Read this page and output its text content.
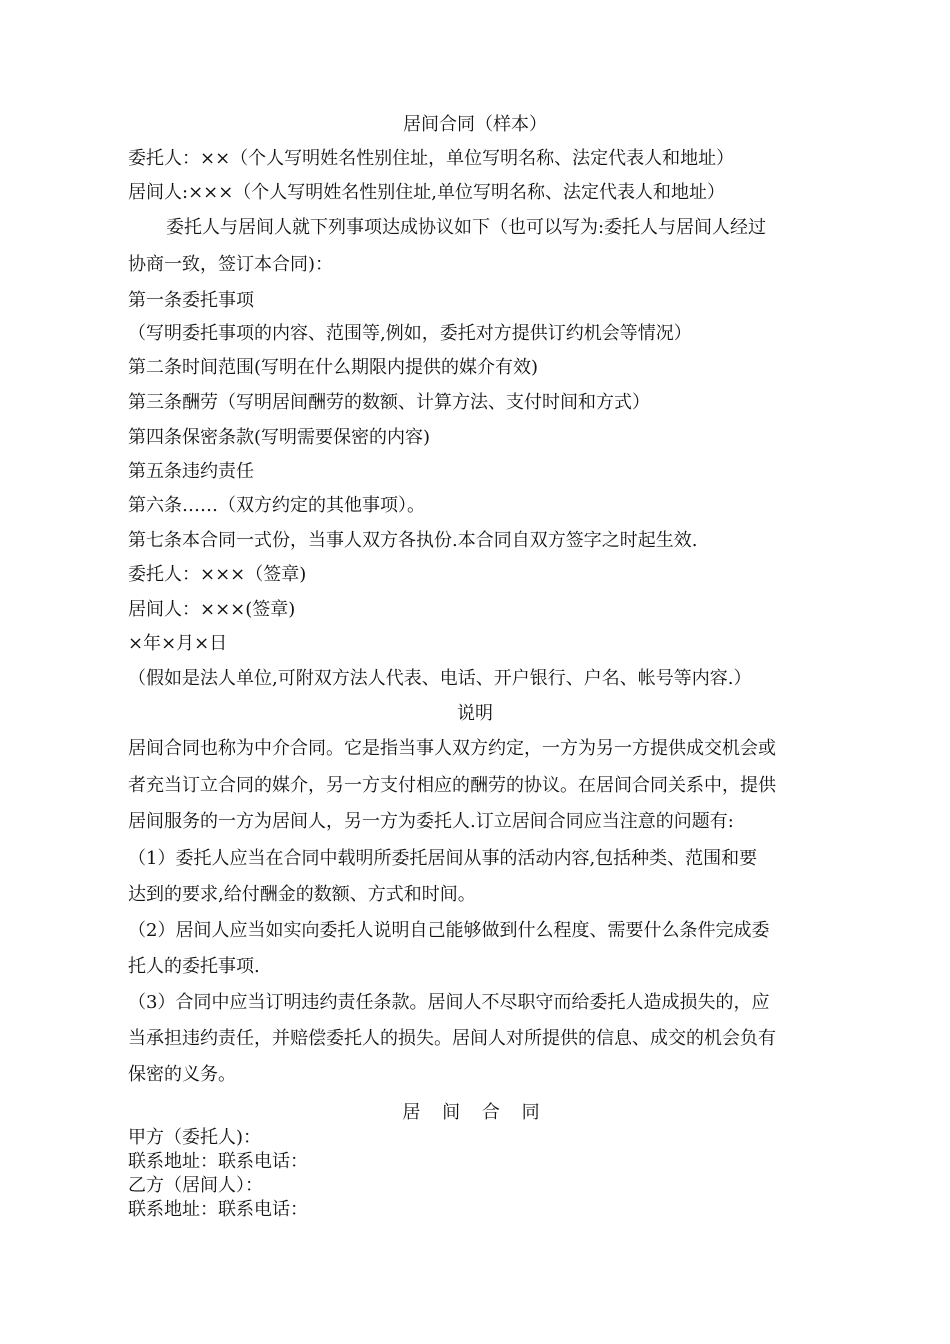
居间合同（样本）
委托人：××（个人写明姓名性别住址，单位写明名称、法定代表人和地址）
居间人:×××（个人写明姓名性别住址,单位写明名称、法定代表人和地址）
委托人与居间人就下列事项达成协议如下（也可以写为:委托人与居间人经过
协商一致，签订本合同)：
第一条委托事项
（写明委托事项的内容、范围等,例如，委托对方提供订约机会等情况）
第二条时间范围(写明在什么期限内提供的媒介有效)
第三条酬劳（写明居间酬劳的数额、计算方法、支付时间和方式）
第四条保密条款(写明需要保密的内容)
第五条违约责任
第六条……（双方约定的其他事项）。
第七条本合同一式份，当事人双方各执份.本合同自双方签字之时起生效.
委托人：×××（签章)
居间人：×××(签章)
×年×月×日
（假如是法人单位,可附双方法人代表、电话、开户银行、户名、帐号等内容.）
说明
居间合同也称为中介合同。它是指当事人双方约定，一方为另一方提供成交机会或
者充当订立合同的媒介，另一方支付相应的酬劳的协议。在居间合同关系中，提供
居间服务的一方为居间人，另一方为委托人.订立居间合同应当注意的问题有:
（1）委托人应当在合同中载明所委托居间从事的活动内容,包括种类、范围和要
达到的要求,给付酬金的数额、方式和时间。
（2）居间人应当如实向委托人说明自己能够做到什么程度、需要什么条件完成委
托人的委托事项.
（3）合同中应当订明违约责任条款。居间人不尽职守而给委托人造成损失的，应
当承担违约责任，并赔偿委托人的损失。居间人对所提供的信息、成交的机会负有
保密的义务。
居 间 合 同
甲方（委托人)：
联系地址：联系电话：
乙方（居间人）：
联系地址：联系电话：
